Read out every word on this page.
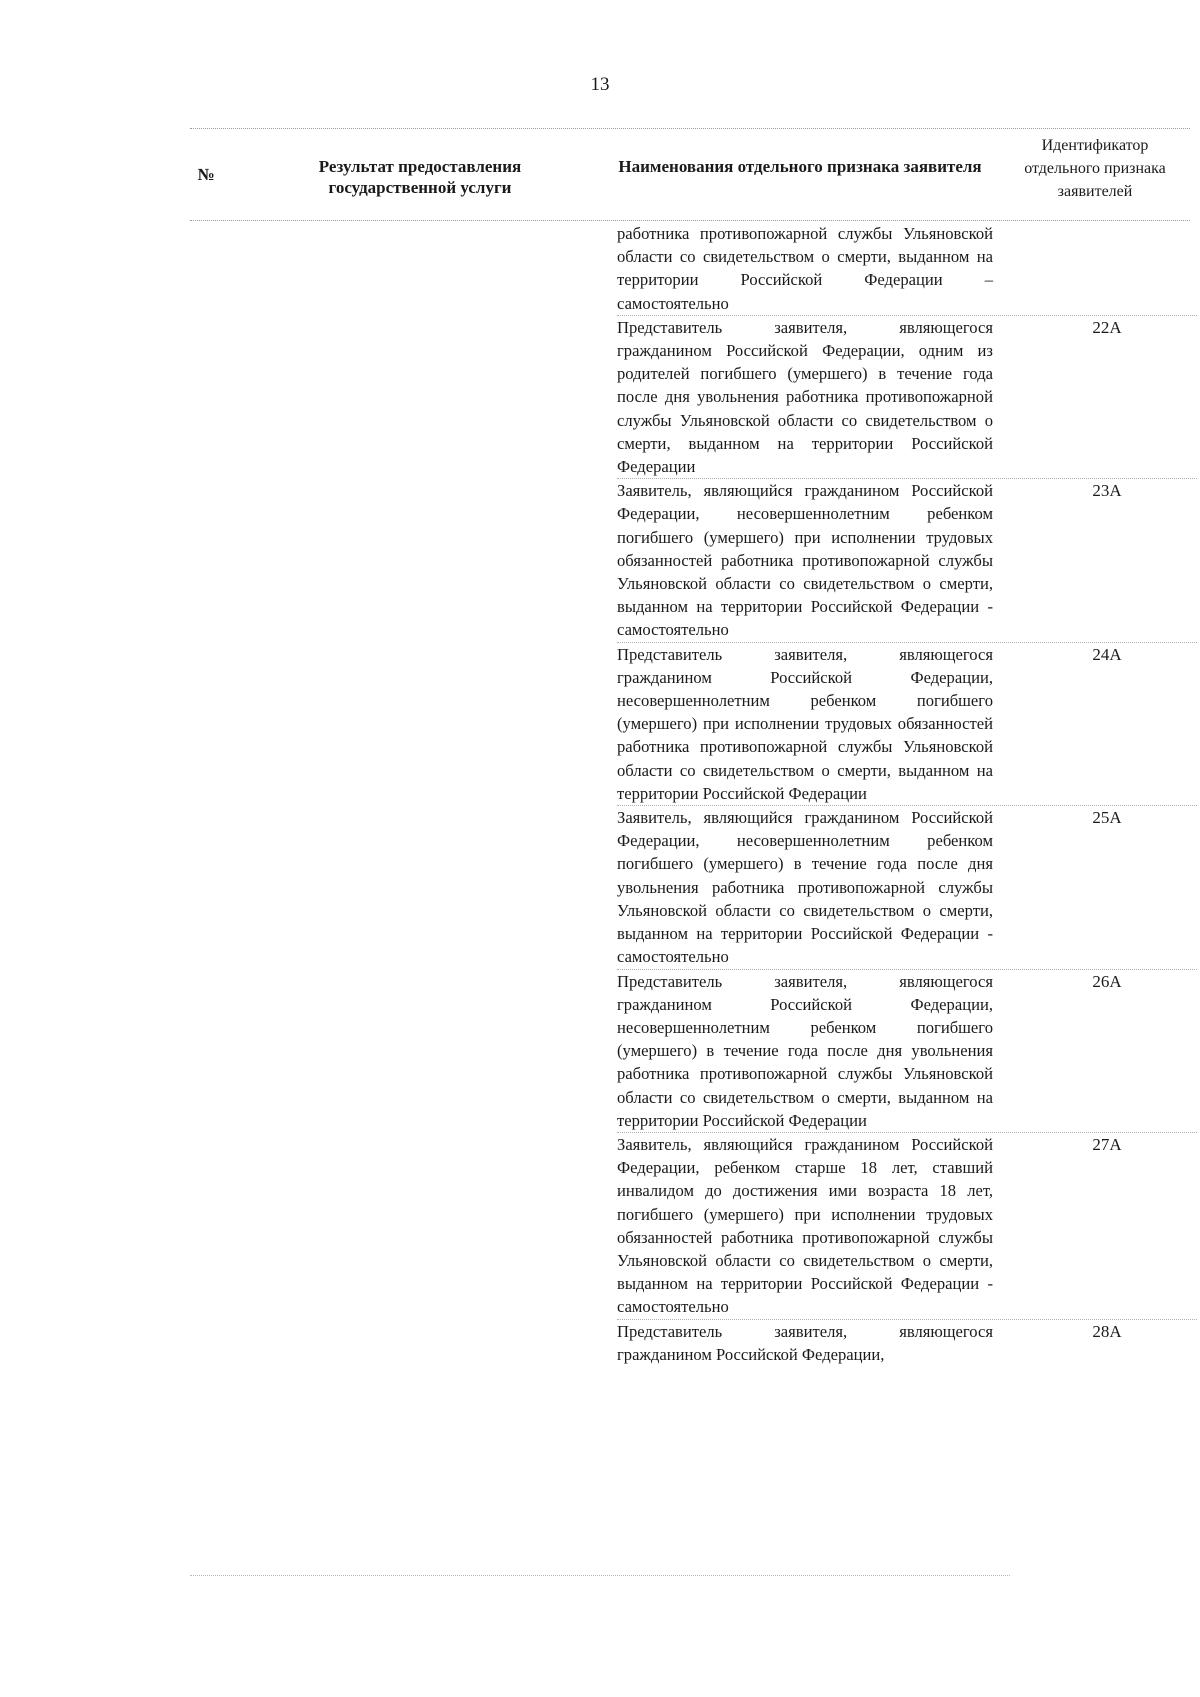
13
№	Результат предоставления государственной услуги
Наименования отдельного признака заявителя
Идентификатор отдельного признака заявителей
работника противопожарной службы Ульяновской области со свидетельством о смерти, выданном на территории Российской Федерации – самостоятельно
Представитель заявителя, являющегося гражданином Российской Федерации, одним из родителей погибшего (умершего) в течение года после дня увольнения работника противопожарной службы Ульяновской области со свидетельством о смерти, выданном на территории Российской Федерации
22А
Заявитель, являющийся гражданином Российской Федерации, несовершеннолетним ребенком погибшего (умершего) при исполнении трудовых обязанностей работника противопожарной службы Ульяновской области со свидетельством о смерти, выданном на территории Российской Федерации - самостоятельно
23А
Представитель заявителя, являющегося гражданином Российской Федерации, несовершеннолетним ребенком погибшего (умершего) при исполнении трудовых обязанностей работника противопожарной службы Ульяновской области со свидетельством о смерти, выданном на территории Российской Федерации
24А
Заявитель, являющийся гражданином Российской Федерации, несовершеннолетним ребенком погибшего (умершего) в течение года после дня увольнения работника противопожарной службы Ульяновской области со свидетельством о смерти, выданном на территории Российской Федерации - самостоятельно
25А
Представитель заявителя, являющегося гражданином Российской Федерации, несовершеннолетним ребенком погибшего (умершего) в течение года после дня увольнения работника противопожарной службы Ульяновской области со свидетельством о смерти, выданном на территории Российской Федерации
26А
Заявитель, являющийся гражданином Российской Федерации, ребенком старше 18 лет, ставший инвалидом до достижения ими возраста 18 лет, погибшего (умершего) при исполнении трудовых обязанностей работника противопожарной службы Ульяновской области со свидетельством о смерти, выданном на территории Российской Федерации - самостоятельно
27А
Представитель заявителя, являющегося гражданином Российской Федерации,
28А
